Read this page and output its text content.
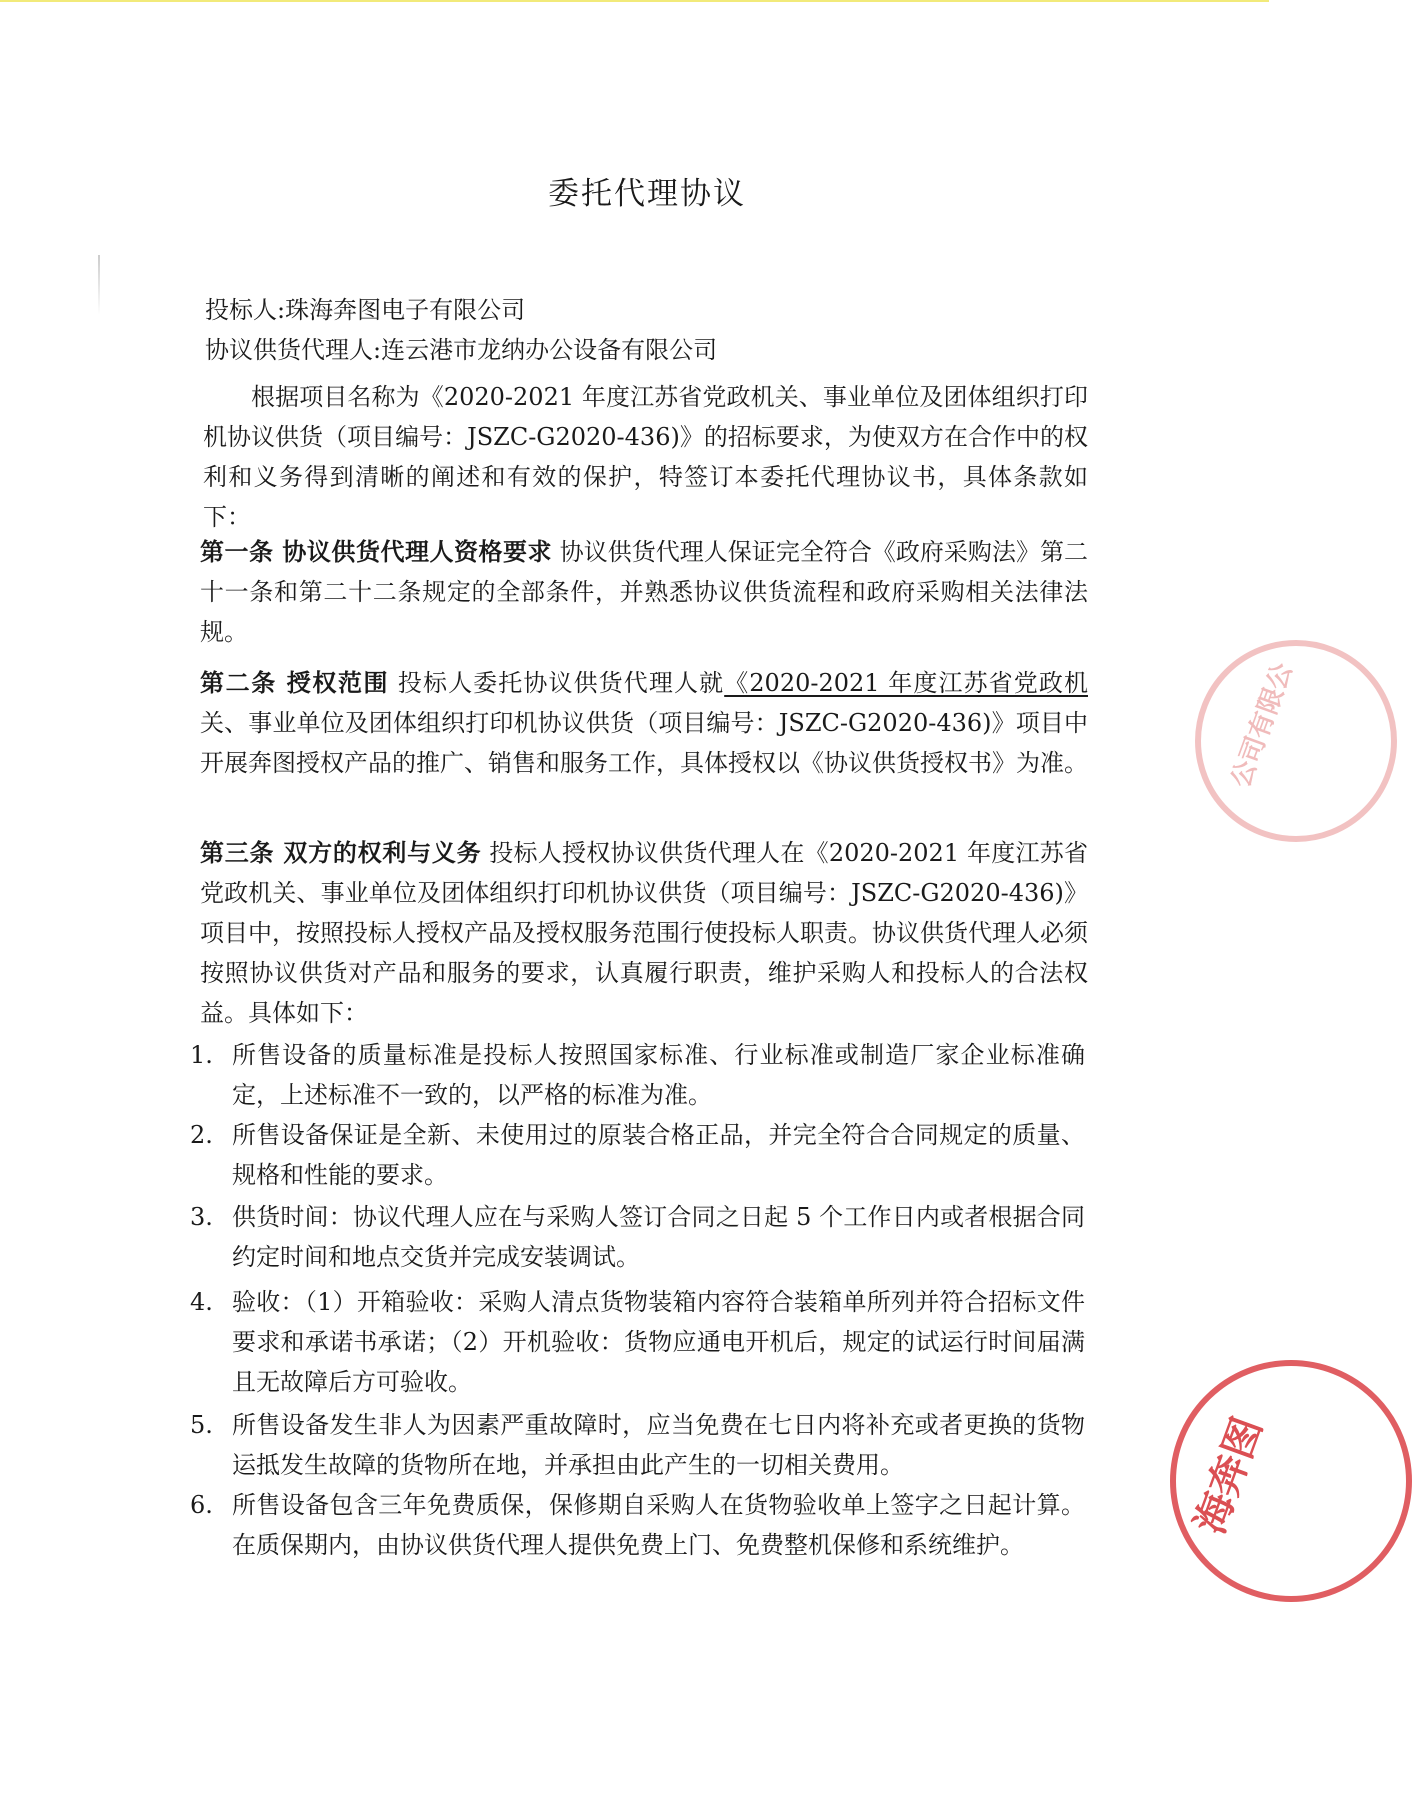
委托代理协议
投标人:珠海奔图电子有限公司
协议供货代理人:连云港市龙纳办公设备有限公司
根据项目名称为《2020-2021 年度江苏省党政机关、事业单位及团体组织打印机协议供货（项目编号：JSZC-G2020-436)》的招标要求，为使双方在合作中的权利和义务得到清晰的阐述和有效的保护，特签订本委托代理协议书，具体条款如下：
第一条 协议供货代理人资格要求 协议供货代理人保证完全符合《政府采购法》第二十一条和第二十二条规定的全部条件，并熟悉协议供货流程和政府采购相关法律法规。
第二条 授权范围 投标人委托协议供货代理人就《2020-2021 年度江苏省党政机关、事业单位及团体组织打印机协议供货（项目编号：JSZC-G2020-436)》项目中开展奔图授权产品的推广、销售和服务工作，具体授权以《协议供货授权书》为准。
第三条 双方的权利与义务 投标人授权协议供货代理人在《2020-2021 年度江苏省党政机关、事业单位及团体组织打印机协议供货（项目编号：JSZC-G2020-436)》项目中，按照投标人授权产品及授权服务范围行使投标人职责。协议供货代理人必须按照协议供货对产品和服务的要求，认真履行职责，维护采购人和投标人的合法权益。具体如下：
1. 所售设备的质量标准是投标人按照国家标准、行业标准或制造厂家企业标准确定，上述标准不一致的，以严格的标准为准。
2. 所售设备保证是全新、未使用过的原装合格正品，并完全符合合同规定的质量、规格和性能的要求。
3. 供货时间：协议代理人应在与采购人签订合同之日起 5 个工作日内或者根据合同约定时间和地点交货并完成安装调试。
4. 验收：（1）开箱验收：采购人清点货物装箱内容符合装箱单所列并符合招标文件要求和承诺书承诺；（2）开机验收：货物应通电开机后，规定的试运行时间届满且无故障后方可验收。
5. 所售设备发生非人为因素严重故障时，应当免费在七日内将补充或者更换的货物运抵发生故障的货物所在地，并承担由此产生的一切相关费用。
6. 所售设备包含三年免费质保，保修期自采购人在货物验收单上签字之日起计算。在质保期内，由协议供货代理人提供免费上门、免费整机保修和系统维护。
公司有限公
海奔图
